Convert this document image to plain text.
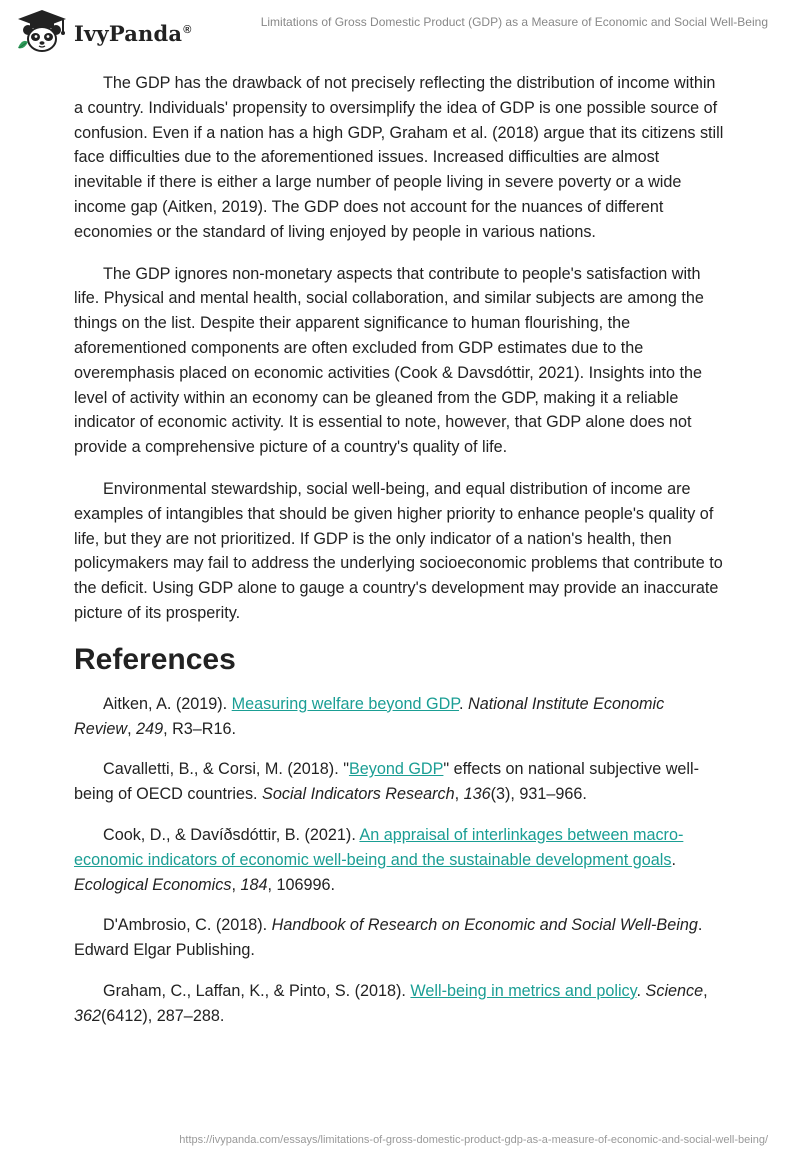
IvyPanda®
Limitations of Gross Domestic Product (GDP) as a Measure of Economic and Social Well-Being

The GDP has the drawback of not precisely reflecting the distribution of income within a country. Individuals' propensity to oversimplify the idea of GDP is one possible source of confusion. Even if a nation has a high GDP, Graham et al. (2018) argue that its citizens still face difficulties due to the aforementioned issues. Increased difficulties are almost inevitable if there is either a large number of people living in severe poverty or a wide income gap (Aitken, 2019). The GDP does not account for the nuances of different economies or the standard of living enjoyed by people in various nations.

The GDP ignores non-monetary aspects that contribute to people's satisfaction with life. Physical and mental health, social collaboration, and similar subjects are among the things on the list. Despite their apparent significance to human flourishing, the aforementioned components are often excluded from GDP estimates due to the overemphasis placed on economic activities (Cook & Davsdóttir, 2021). Insights into the level of activity within an economy can be gleaned from the GDP, making it a reliable indicator of economic activity. It is essential to note, however, that GDP alone does not provide a comprehensive picture of a country's quality of life.

Environmental stewardship, social well-being, and equal distribution of income are examples of intangibles that should be given higher priority to enhance people's quality of life, but they are not prioritized. If GDP is the only indicator of a nation's health, then policymakers may fail to address the underlying socioeconomic problems that contribute to the deficit. Using GDP alone to gauge a country's development may provide an inaccurate picture of its prosperity.

References

Aitken, A. (2019). Measuring welfare beyond GDP. National Institute Economic Review, 249, R3–R16.

Cavalletti, B., & Corsi, M. (2018). "Beyond GDP" effects on national subjective well-being of OECD countries. Social Indicators Research, 136(3), 931–966.

Cook, D., & Davíðsdóttir, B. (2021). An appraisal of interlinkages between macro-economic indicators of economic well-being and the sustainable development goals. Ecological Economics, 184, 106996.

D'Ambrosio, C. (2018). Handbook of Research on Economic and Social Well-Being. Edward Elgar Publishing.

Graham, C., Laffan, K., & Pinto, S. (2018). Well-being in metrics and policy. Science, 362(6412), 287–288.

https://ivypanda.com/essays/limitations-of-gross-domestic-product-gdp-as-a-measure-of-economic-and-social-well-being/
